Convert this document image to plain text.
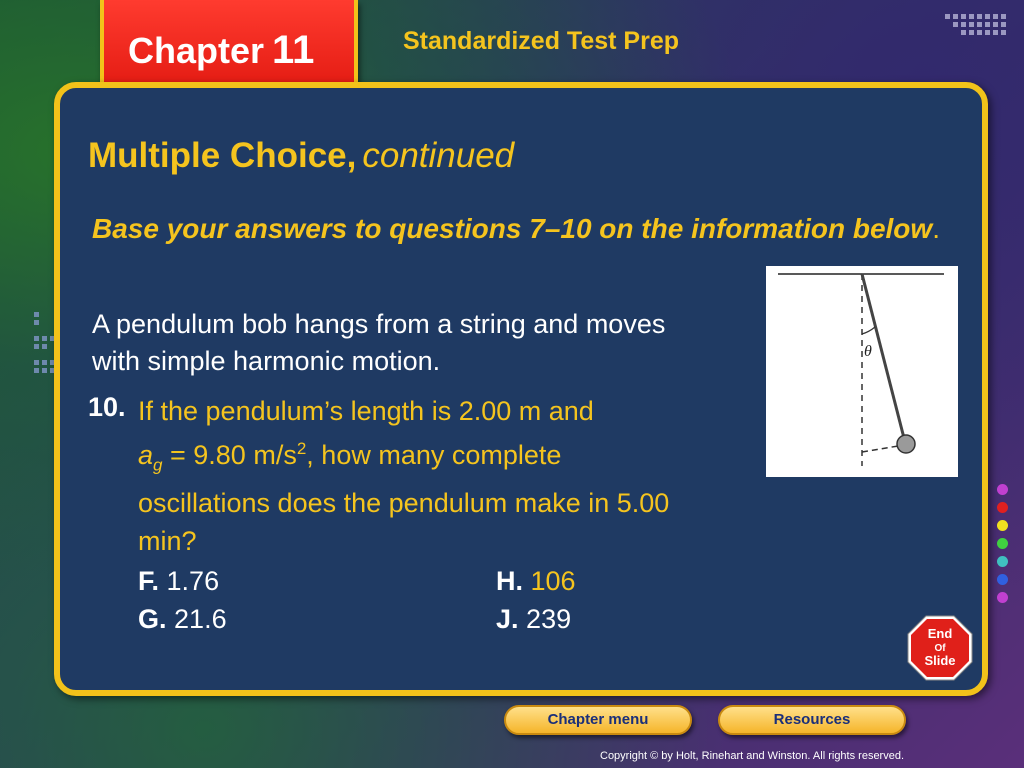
Chapter 11	Standardized Test Prep
Multiple Choice, continued
Base your answers to questions 7–10 on the information below.
A pendulum bob hangs from a string and moves with simple harmonic motion.
10. If the pendulum’s length is 2.00 m and
$a_g = 9.80$ $m/s^2$, how many complete oscillations does the pendulum make in 5.00 min?
F. 1.76
G. 21.6
H. 106
J. 239
θ
End
Of
Slide
Chapter menu	Resources
Copyright © by Holt, Rinehart and Winston. All rights reserved.
